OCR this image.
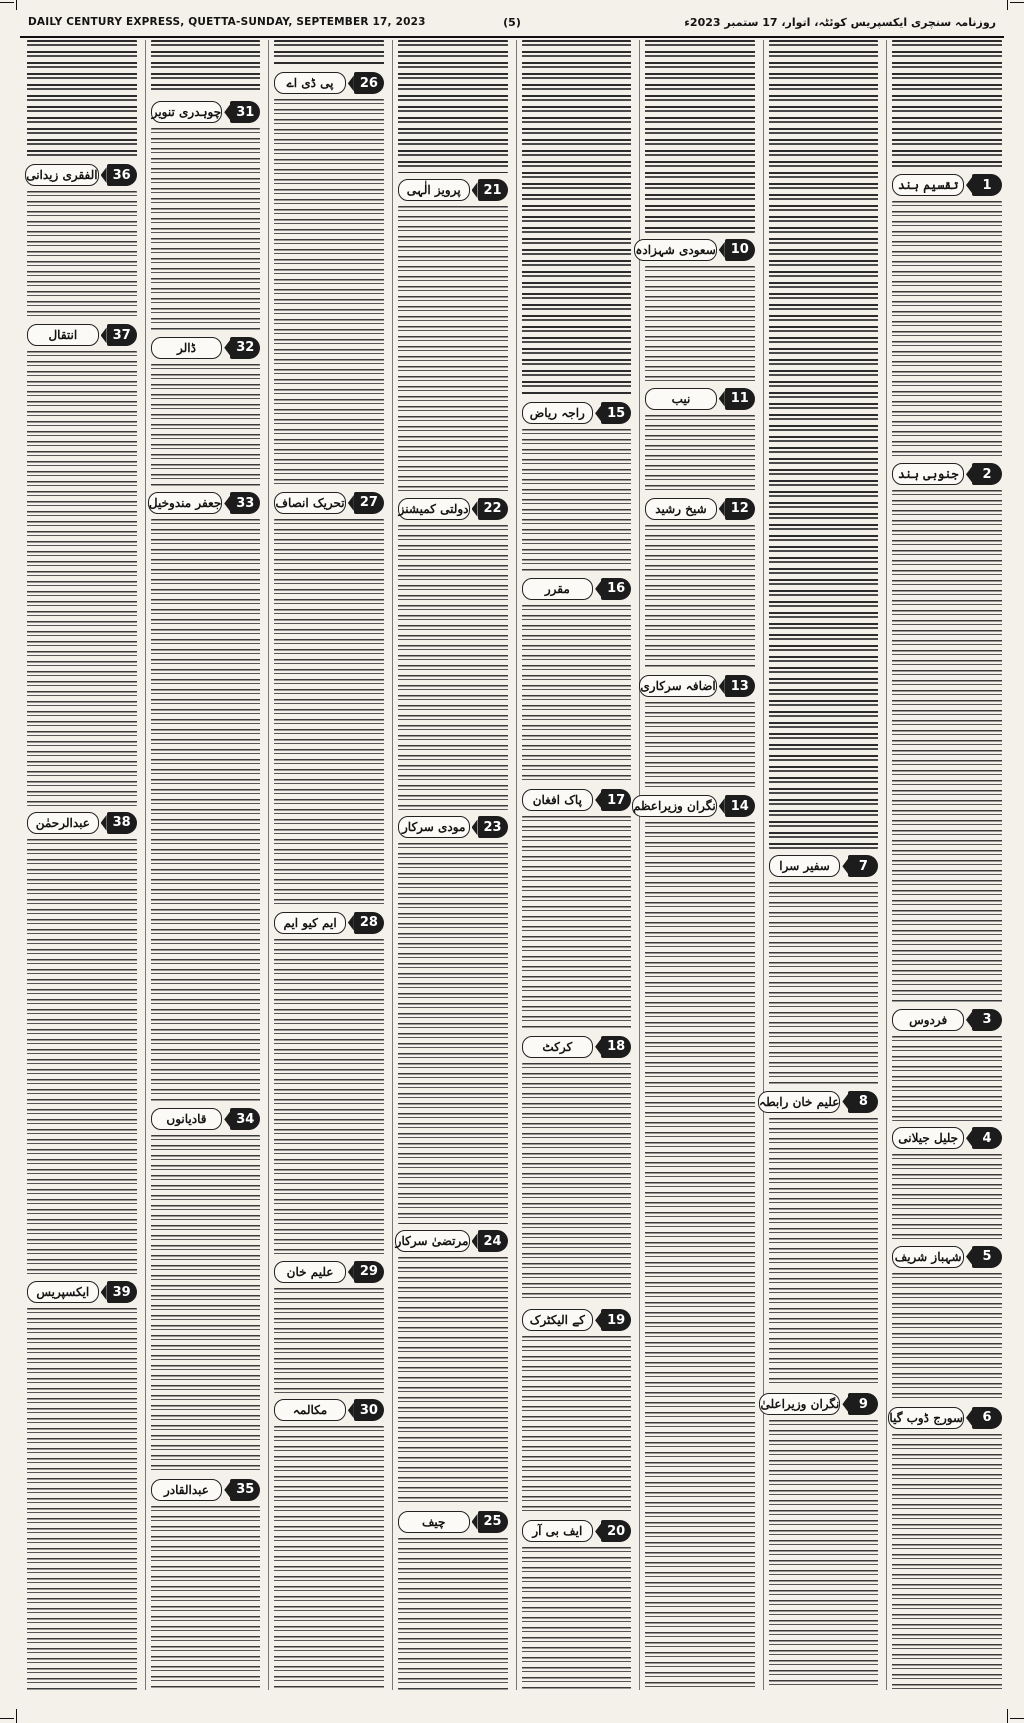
DAILY CENTURY EXPRESS, QUETTA-SUNDAY, SEPTEMBER 17, 2023	(5)	روزنامہ سنچری ایکسپریس کوئٹہ، اتوار، 17 ستمبر 2023ء
1
تقسیم ہند
2
جنوبی ہند
3
فردوس
4
جلیل جیلانی
5
شہباز شریف
6
سورج ڈوب گیا
7
سفیر سرا
8
علیم خان رابطہ
9
نگران وزیراعلیٰ
10
سعودی شہزادہ
11
نیب
12
شیخ رشید
13
اضافہ سرکاری
14
نگران وزیراعظم
15
راجہ ریاض
16
مقرر
17
پاک افغان
18
کرکٹ
19
کے الیکٹرک
20
ایف بی آر
21
پرویز الٰہی
22
دولتی کمیشنز
23
مودی سرکار
24
مرتضیٰ سرکار
25
چیف
26
پی ڈی اے
27
تحریک انصاف
28
ایم کیو ایم
29
علیم خان
30
مکالمہ
31
چوہدری تنویر
32
ڈالر
33
جعفر مندوخیل
34
قادیانوں
35
عبدالقادر
36
الفقری زیدانی
37
انتقال
38
عبدالرحمٰن
39
ایکسپریس
